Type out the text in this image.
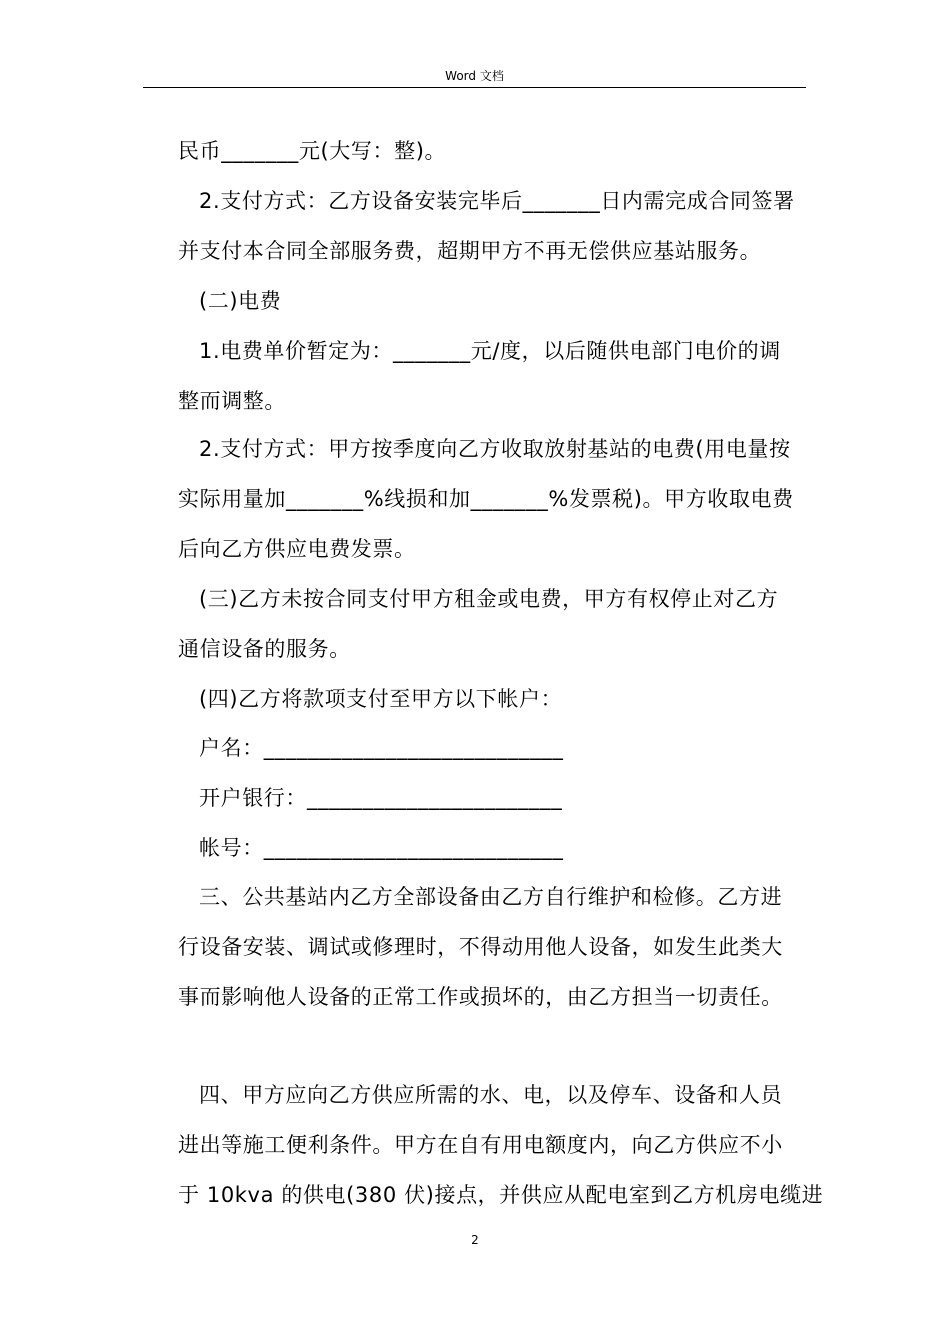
Word 文档
民币_______元(大写：整)。
2.支付方式：乙方设备安装完毕后_______日内需完成合同签署
并支付本合同全部服务费，超期甲方不再无偿供应基站服务。
(二)电费
1.电费单价暂定为：_______元/度，以后随供电部门电价的调
整而调整。
2.支付方式：甲方按季度向乙方收取放射基站的电费(用电量按
实际用量加_______%线损和加_______%发票税)。甲方收取电费
后向乙方供应电费发票。
(三)乙方未按合同支付甲方租金或电费，甲方有权停止对乙方
通信设备的服务。
(四)乙方将款项支付至甲方以下帐户：
户名：___________________________
开户银行：_______________________
帐号：___________________________
三、公共基站内乙方全部设备由乙方自行维护和检修。乙方进
行设备安装、调试或修理时，不得动用他人设备，如发生此类大
事而影响他人设备的正常工作或损坏的，由乙方担当一切责任。
四、甲方应向乙方供应所需的水、电，以及停车、设备和人员
进出等施工便利条件。甲方在自有用电额度内，向乙方供应不小
于 10kva 的供电(380 伏)接点，并供应从配电室到乙方机房电缆进
2
